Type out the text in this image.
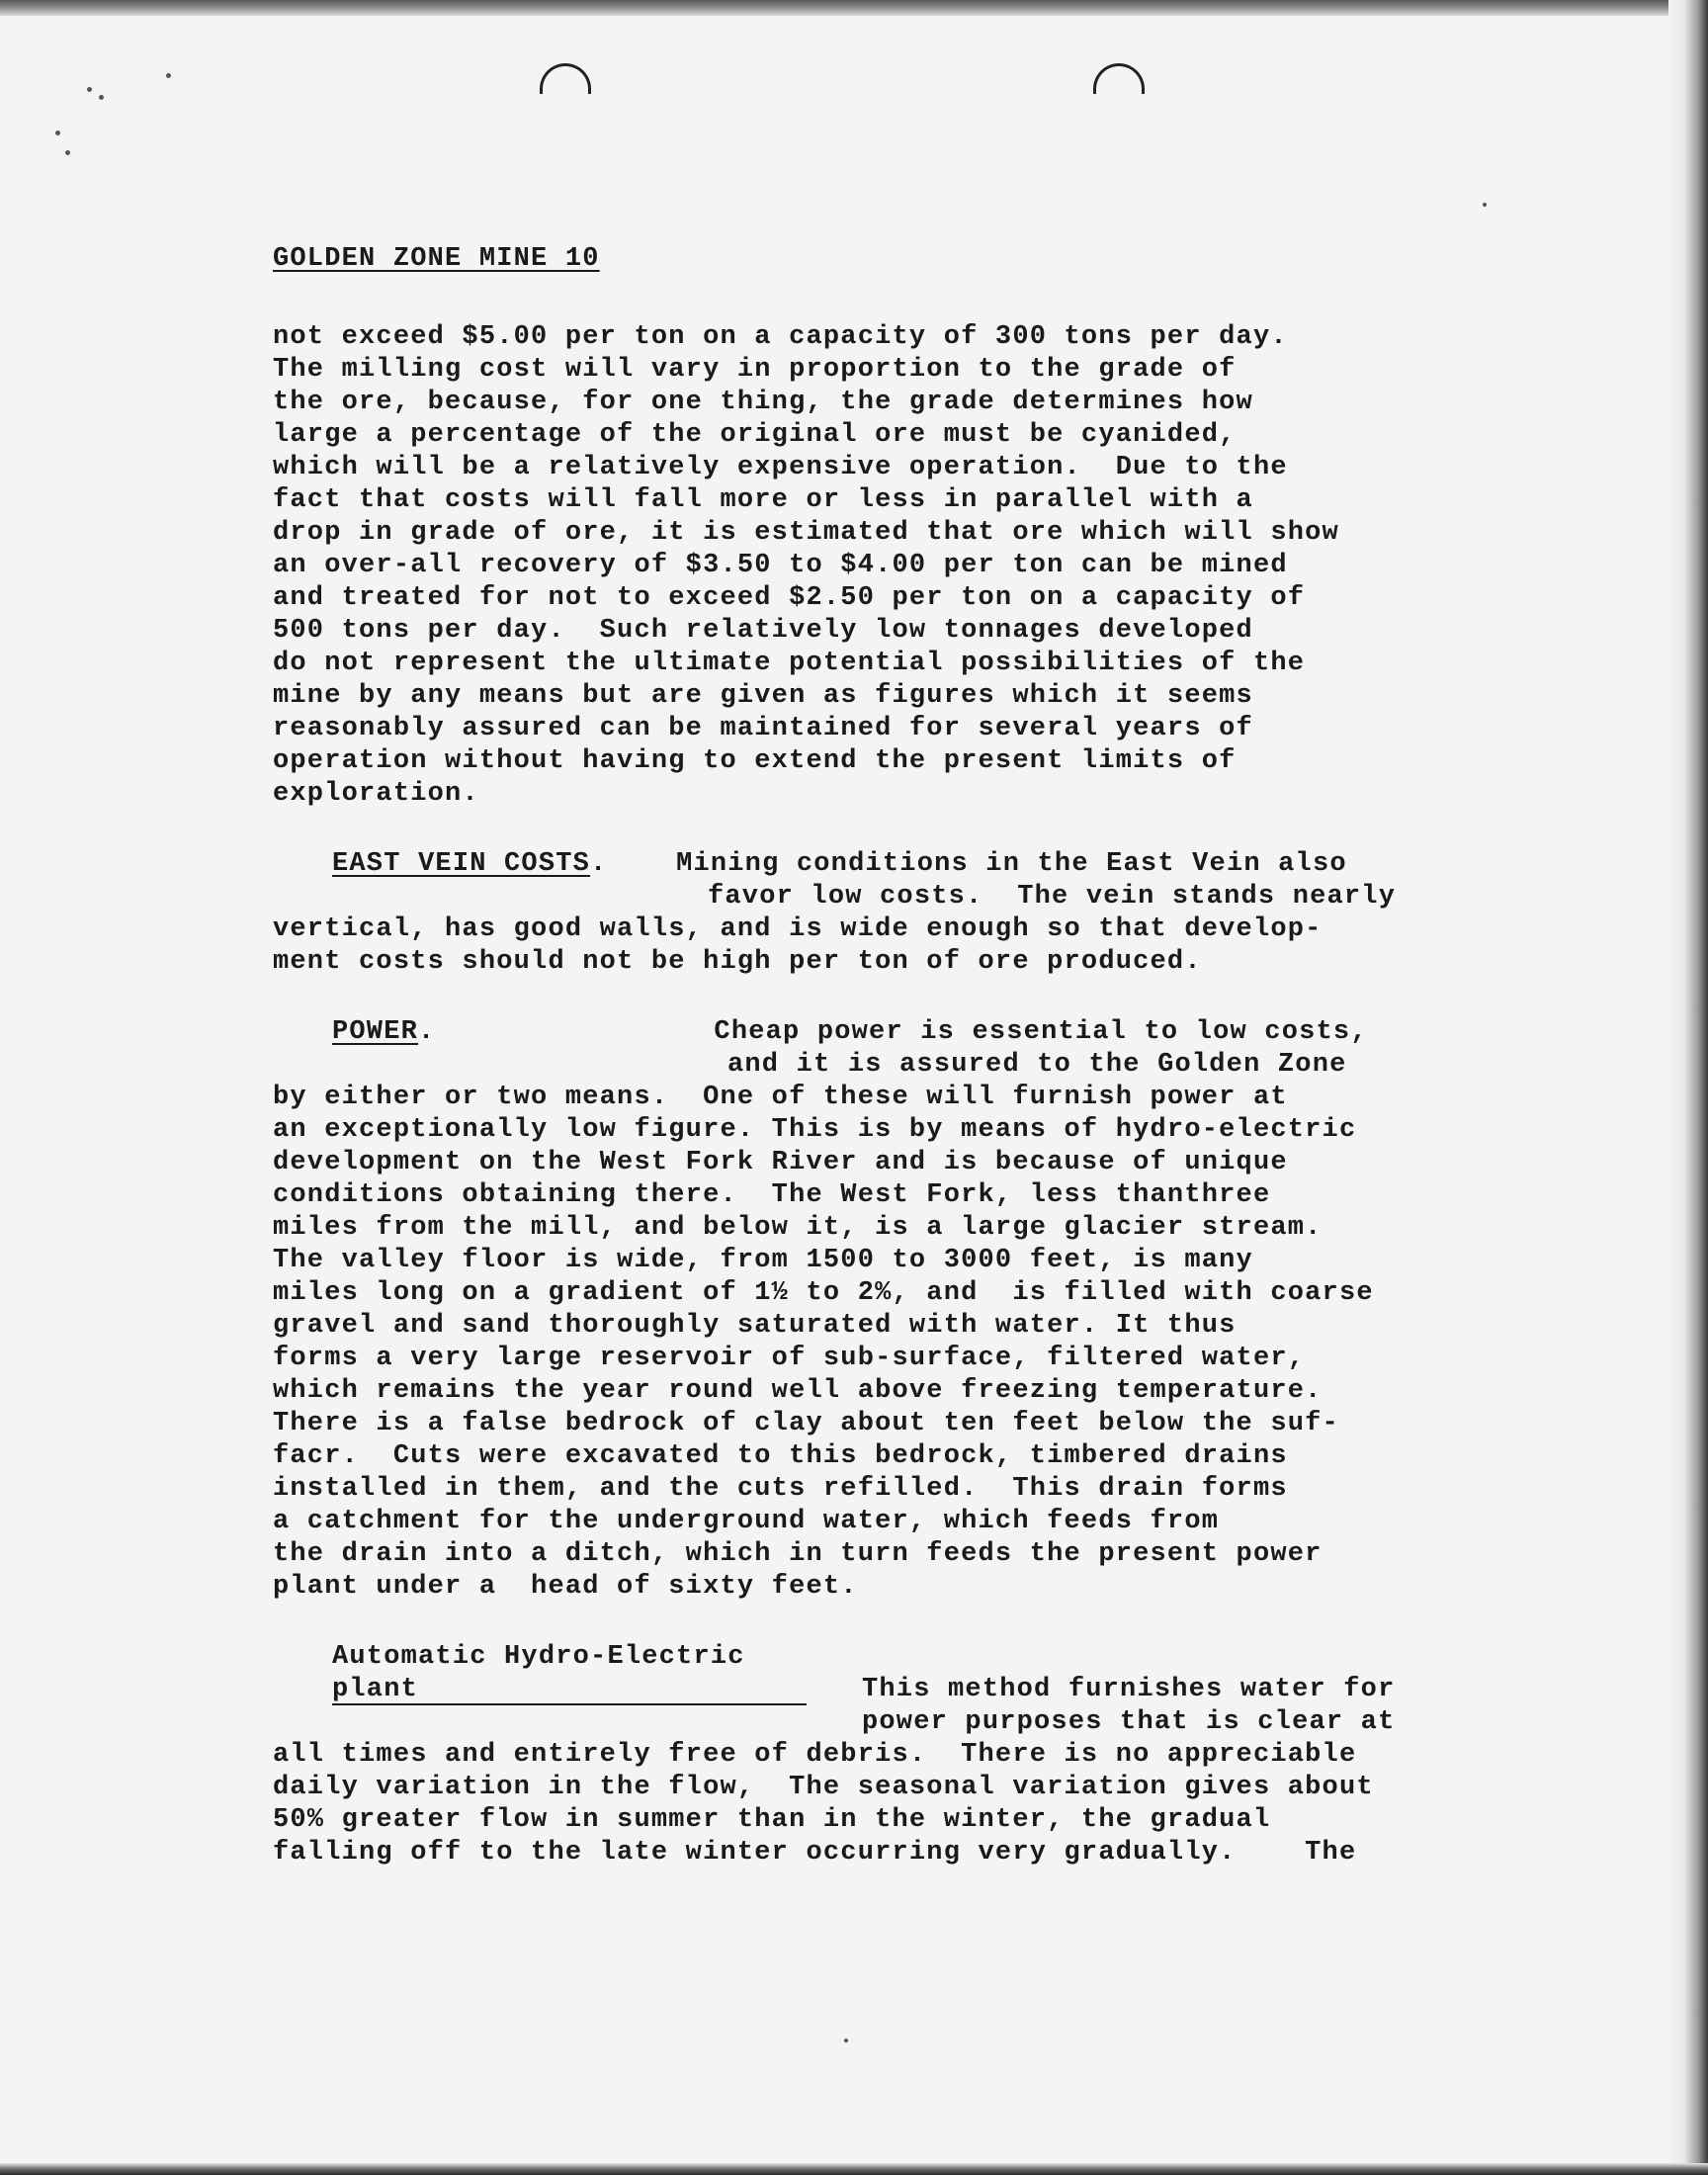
GOLDEN ZONE MINE 10
not exceed $5.00 per ton on a capacity of 300 tons per day.
The milling cost will vary in proportion to the grade of
the ore, because, for one thing, the grade determines how
large a percentage of the original ore must be cyanided,
which will be a relatively expensive operation.  Due to the
fact that costs will fall more or less in parallel with a
drop in grade of ore, it is estimated that ore which will show
an over-all recovery of $3.50 to $4.00 per ton can be mined
and treated for not to exceed $2.50 per ton on a capacity of
500 tons per day.  Such relatively low tonnages developed
do not represent the ultimate potential possibilities of the
mine by any means but are given as figures which it seems
reasonably assured can be maintained for several years of
operation without having to extend the present limits of
exploration.
EAST VEIN COSTS.    Mining conditions in the East Vein also
favor low costs.  The vein stands nearly
vertical, has good walls, and is wide enough so that develop-
ment costs should not be high per ton of ore produced.
POWER.	Cheap power is essential to low costs,
and it is assured to the Golden Zone
by either or two means.  One of these will furnish power at
an exceptionally low figure. This is by means of hydro-electric
development on the West Fork River and is because of unique
conditions obtaining there.  The West Fork, less thanthree
miles from the mill, and below it, is a large glacier stream.
The valley floor is wide, from 1500 to 3000 feet, is many
miles long on a gradient of 1½ to 2%, and  is filled with coarse
gravel and sand thoroughly saturated with water. It thus
forms a very large reservoir of sub-surface, filtered water,
which remains the year round well above freezing temperature.
There is a false bedrock of clay about ten feet below the suf-
facr.  Cuts were excavated to this bedrock, timbered drains
installed in them, and the cuts refilled.  This drain forms
a catchment for the underground water, which feeds from
the drain into a ditch, which in turn feeds the present power
plant under a  head of sixty feet.
Automatic Hydro-Electric
plant	This method furnishes water for
power purposes that is clear at
all times and entirely free of debris.  There is no appreciable
daily variation in the flow,  The seasonal variation gives about
50% greater flow in summer than in the winter, the gradual
falling off to the late winter occurring very gradually.    The
